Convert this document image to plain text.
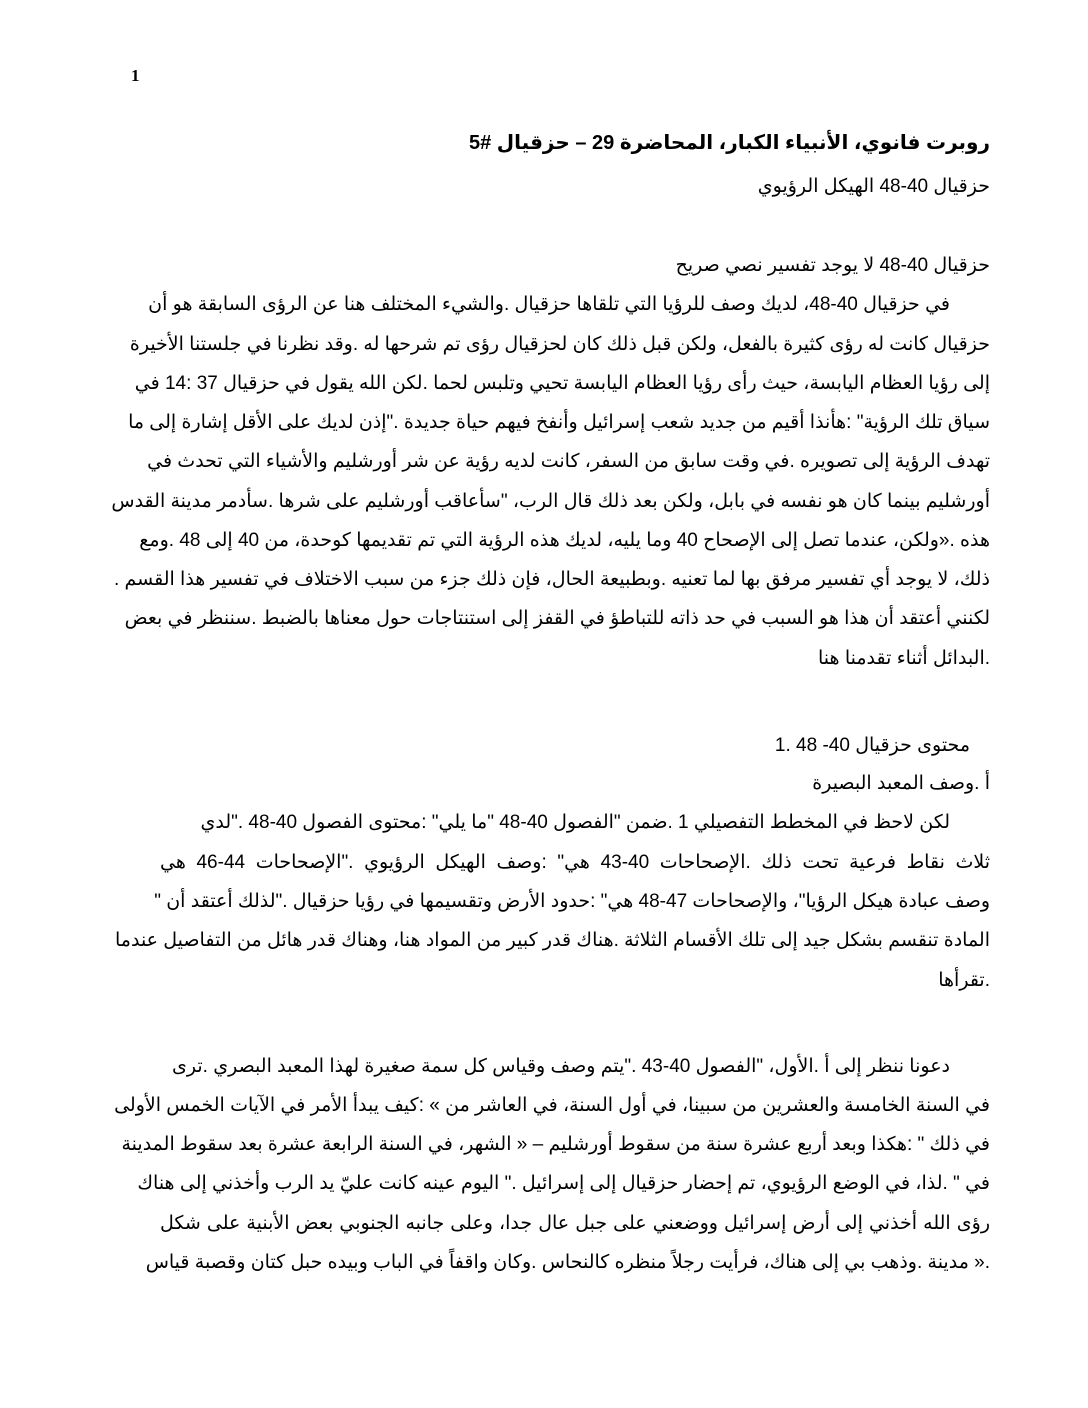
1
روبرت فانوي، الأنبياء الكبار، المحاضرة 29 – حزقيال #5
حزقيال 40-48 الهيكل الرؤيوي
حزقيال 40-48 لا يوجد تفسير نصي صريح
في حزقيال 40-48، لديك وصف للرؤيا التي تلقاها حزقيال .والشيء المختلف هنا عن الرؤى السابقة هو أن
حزقيال كانت له رؤى كثيرة بالفعل، ولكن قبل ذلك كان لحزقيال رؤى تم شرحها له .وقد نظرنا في جلستنا الأخيرة
إلى رؤيا العظام اليابسة، حيث رأى رؤيا العظام اليابسة تحيي وتلبس لحما .لكن الله يقول في حزقيال 37 :14 في
سياق تلك الرؤية" :هأنذا أقيم من جديد شعب إسرائيل وأنفخ فيهم حياة جديدة ."إذن لديك على الأقل إشارة إلى ما
تهدف الرؤية إلى تصويره .في وقت سابق من السفر، كانت لديه رؤية عن شر أورشليم والأشياء التي تحدث في
أورشليم بينما كان هو نفسه في بابل، ولكن بعد ذلك قال الرب، "سأعاقب أورشليم على شرها .سأدمر مدينة القدس
هذه .«ولكن، عندما تصل إلى الإصحاح 40 وما يليه، لديك هذه الرؤية التي تم تقديمها كوحدة، من 40 إلى 48 .ومع
ذلك، لا يوجد أي تفسير مرفق بها لما تعنيه .وبطبيعة الحال، فإن ذلك جزء من سبب الاختلاف في تفسير هذا القسم .
لكنني أعتقد أن هذا هو السبب في حد ذاته للتباطؤ في القفز إلى استنتاجات حول معناها بالضبط .سننظر في بعض
.البدائل أثناء تقدمنا هنا
محتوى حزقيال 40- 48 .1
أ .وصف المعبد البصيرة
لكن لاحظ في المخطط التفصيلي 1 .ضمن "الفصول 40-48 "ما يلي" :محتوى الفصول 40-48 ."لدي
ثلاث نقاط فرعية تحت ذلك .الإصحاحات 40-43 هي" :وصف الهيكل الرؤيوي ."الإصحاحات 44-46 هي
وصف عبادة هيكل الرؤيا"، والإصحاحات 47-48 هي" :حدود الأرض وتقسيمها في رؤيا حزقيال ."لذلك أعتقد أن "
المادة تنقسم بشكل جيد إلى تلك الأقسام الثلاثة .هناك قدر كبير من المواد هنا، وهناك قدر هائل من التفاصيل عندما
.تقرأها
دعونا ننظر إلى أ .الأول، "الفصول 40-43 ."يتم وصف وقياس كل سمة صغيرة لهذا المعبد البصري .ترى
في السنة الخامسة والعشرين من سبينا، في أول السنة، في العاشر من » :كيف يبدأ الأمر في الآيات الخمس الأولى
في ذلك " :هكذا وبعد أربع عشرة سنة من سقوط أورشليم – « الشهر، في السنة الرابعة عشرة بعد سقوط المدينة
في " .لذا، في الوضع الرؤيوي، تم إحضار حزقيال إلى إسرائيل ." اليوم عينه كانت عليّ يد الرب وأخذني إلى هناك
رؤى الله أخذني إلى أرض إسرائيل ووضعني على جبل عال جدا، وعلى جانبه الجنوبي بعض الأبنية على شكل
.« مدينة .وذهب بي إلى هناك، فرأيت رجلاً منظره كالنحاس .وكان واقفاً في الباب وبيده حبل كتان وقصبة قياس
